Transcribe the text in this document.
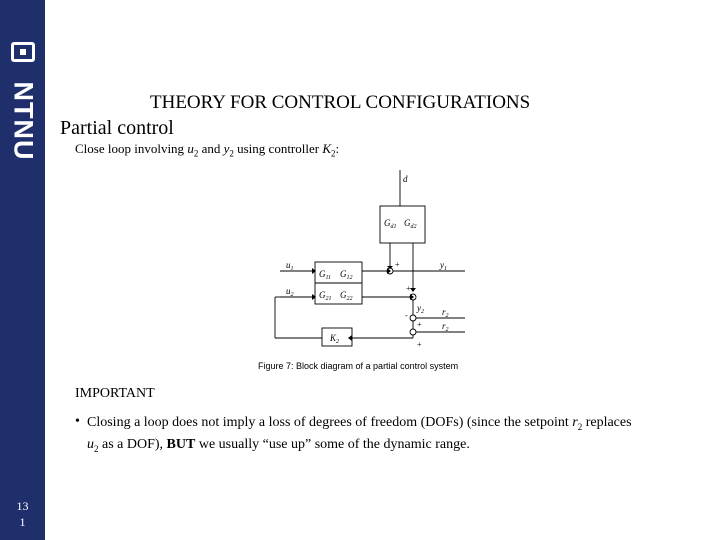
NTNU
13
1
THEORY FOR CONTROL CONFIGURATIONS
Partial control
Close loop involving $u_2$ and $y_2$ using controller $K_2$:
d
$G_{d1}$ $G_{d2}$
$G_{11}$ $G_{12}$
$G_{21}$ $G_{22}$
$K_2$
$u_1$
$u_2$
$y_1$
$y_2$ $r_2$
$r_2$
+
+
-
+
+
Figure 7: Block diagram of a partial control system
IMPORTANT
• Closing a loop does not imply a loss of degrees of freedom (DOFs) (since the setpoint $r_2$ replaces
$u_2$ as a DOF), BUT we usually “use up” some of the dynamic range.
